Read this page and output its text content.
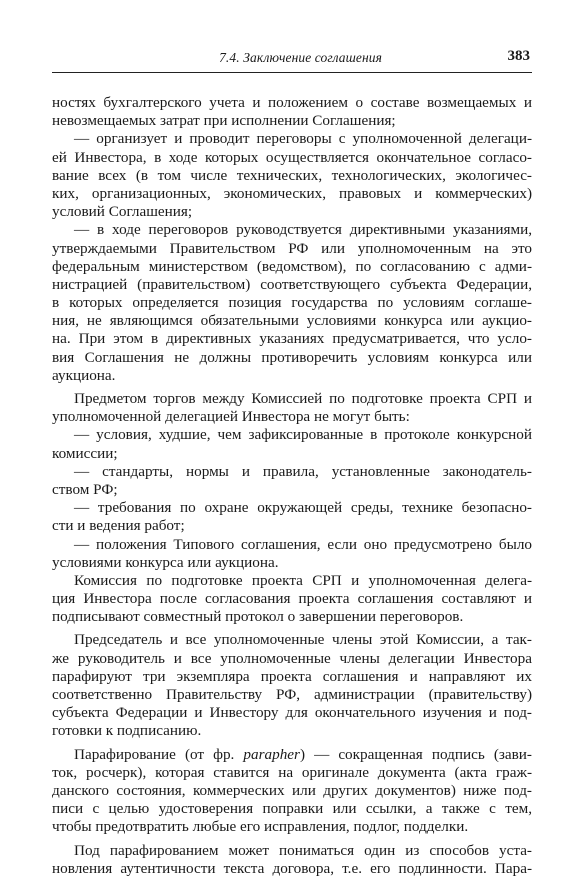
7.4. Заключение соглашения	383
ностях бухгалтерского учета и положением о составе возмещаемых и
невозмещаемых затрат при исполнении Соглашения;
— организует и проводит переговоры с уполномоченной делегаци-
ей Инвестора, в ходе которых осуществляется окончательное согласо-
вание всех (в том числе технических, технологических, экологичес-
ких, организационных, экономических, правовых и коммерческих)
условий Соглашения;
— в ходе переговоров руководствуется директивными указаниями,
утверждаемыми Правительством РФ или уполномоченным на это
федеральным министерством (ведомством), по согласованию с адми-
нистрацией (правительством) соответствующего субъекта Федерации,
в которых определяется позиция государства по условиям соглаше-
ния, не являющимся обязательными условиями конкурса или аукцио-
на. При этом в директивных указаниях предусматривается, что усло-
вия Соглашения не должны противоречить условиям конкурса или
аукциона.
Предметом торгов между Комиссией по подготовке проекта СРП и
уполномоченной делегацией Инвестора не могут быть:
— условия, худшие, чем зафиксированные в протоколе конкурсной
комиссии;
— стандарты, нормы и правила, установленные законодатель-
ством РФ;
— требования по охране окружающей среды, технике безопасно-
сти и ведения работ;
— положения Типового соглашения, если оно предусмотрено было
условиями конкурса или аукциона.
Комиссия по подготовке проекта СРП и уполномоченная делега-
ция Инвестора после согласования проекта соглашения составляют и
подписывают совместный протокол о завершении переговоров.
Председатель и все уполномоченные члены этой Комиссии, а так-
же руководитель и все уполномоченные члены делегации Инвестора
парафируют три экземпляра проекта соглашения и направляют их
соответственно Правительству РФ, администрации (правительству)
субъекта Федерации и Инвестору для окончательного изучения и под-
готовки к подписанию.
Парафирование (от фр. parapher) — сокращенная подпись (зави-
ток, росчерк), которая ставится на оригинале документа (акта граж-
данского состояния, коммерческих или других документов) ниже под-
писи с целью удостоверения поправки или ссылки, а также с тем,
чтобы предотвратить любые его исправления, подлог, подделки.
Под парафированием может пониматься один из способов уста-
новления аутентичности текста договора, т.е. его подлинности. Пара-
